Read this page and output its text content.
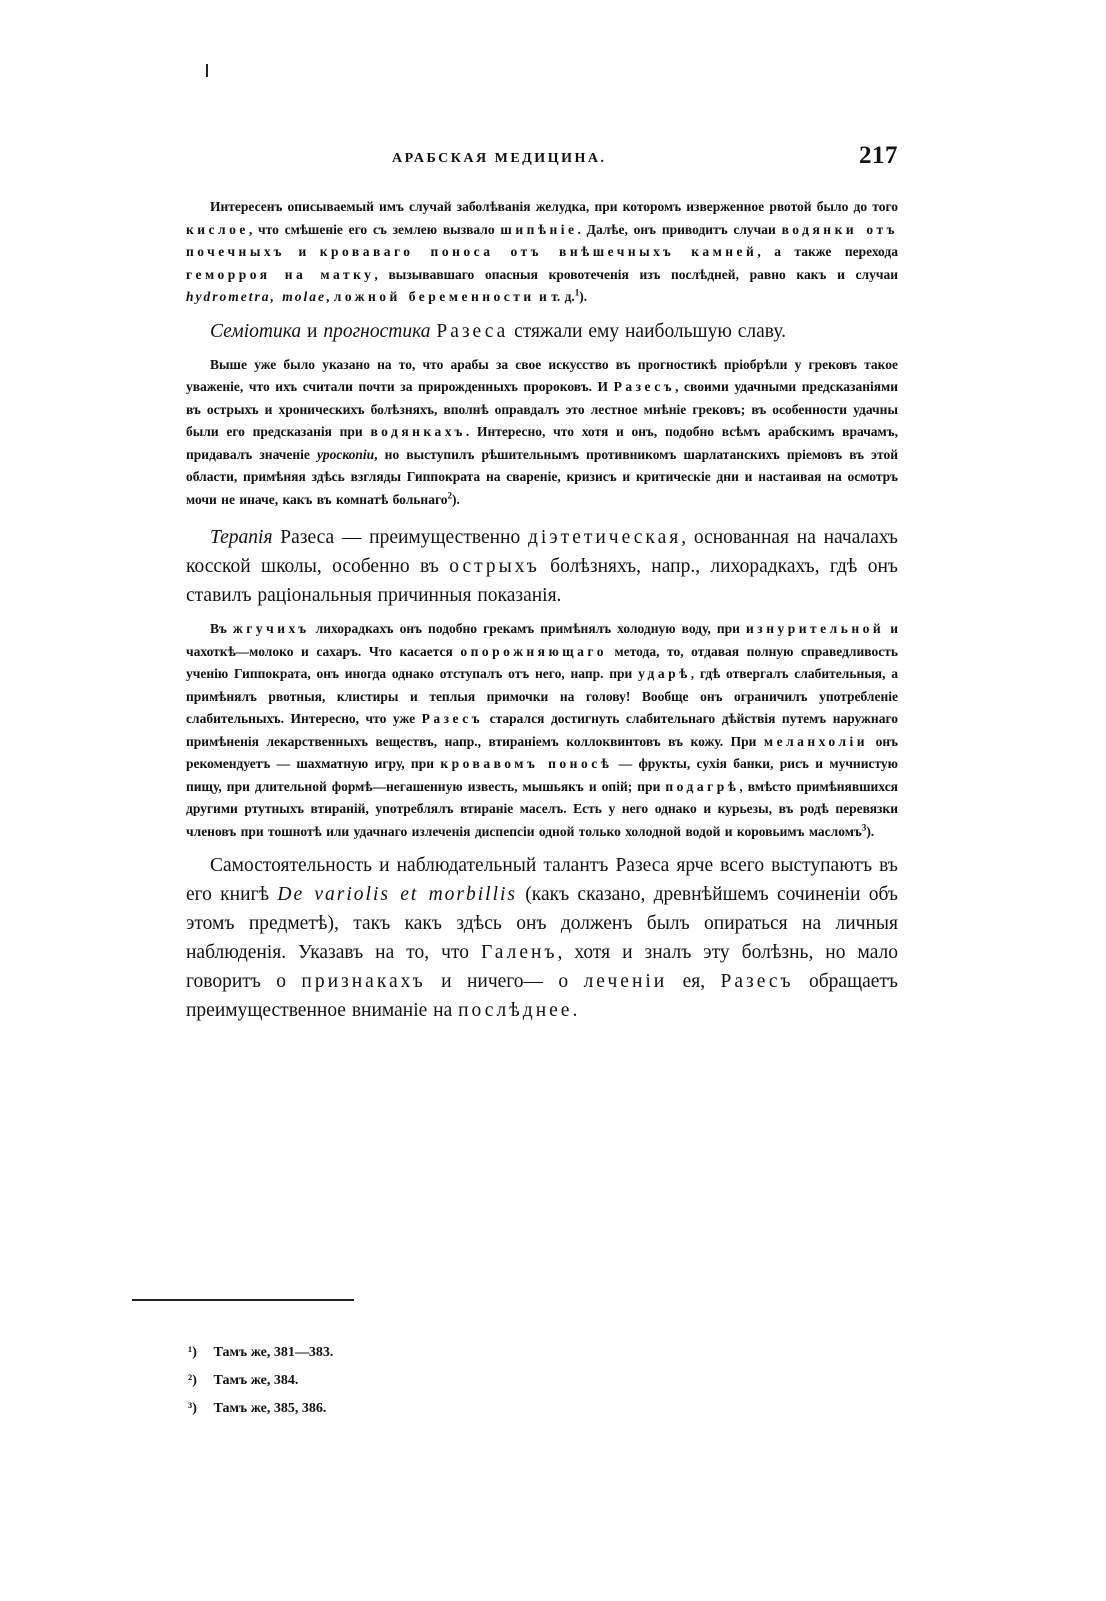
АРАБСКАЯ МЕДИЦИНА.	217

Интересенъ описываемый имъ случай заболѣванія желудка, при которомъ изверженное рвотой было до того кислое, что смѣшеніе его съ землею вызвало шипѣніе. Далѣе, онъ приводитъ случаи водянки отъ почечныхъ и кроваваго поноса отъ внѣшечныхъ камней, а также перехода геморроя на матку, вызывавшаго опасныя кровотеченія изъ послѣдней, равно какъ и случаи hydrometra, molae, ложной беременности и т. д.$^1$).

Семіотика и прогностика Разеса стяжали ему наибольшую славу.

Выше уже было указано на то, что арабы за свое искусство въ прогностикѣ пріобрѣли у грековъ такое уваженіе, что ихъ считали почти за прирожденныхъ пророковъ. И Разесъ, своими удачными предсказаніями въ острыхъ и хроническихъ болѣзняхъ, вполнѣ оправдалъ это лестное мнѣніе грековъ; въ особенности удачны были его предсказанія при водянкахъ. Интересно, что хотя и онъ, подобно всѣмъ арабскимъ врачамъ, придавалъ значеніе уроскопіи, но выступилъ рѣшительнымъ противникомъ шарлатанскихъ пріемовъ въ этой области, примѣняя здѣсь взгляды Гиппократа на свареніе, кризисъ и критическіе дни и настаивая на осмотръ мочи не иначе, какъ въ комнатѣ больнаго$^2$).

Терапія Разеса — преимущественно діэтетическая, основанная на началахъ косской школы, особенно въ острыхъ болѣзняхъ, напр., лихорадкахъ, гдѣ онъ ставилъ раціональныя причинныя показанія.

Въ жгучихъ лихорадкахъ онъ подобно грекамъ примѣнялъ холодную воду, при изнурительной и чахоткѣ—молоко и сахаръ. Что касается опорожняющаго метода, то, отдавая полную справедливость ученію Гиппократа, онъ иногда однако отступалъ отъ него, напр. при ударѣ, гдѣ отвергалъ слабительныя, а примѣнялъ рвотныя, клистиры и теплыя примочки на голову! Вообще онъ ограничилъ употребленіе слабительныхъ. Интересно, что уже Разесъ старался достигнуть слабительнаго дѣйствія путемъ наружнаго примѣненія лекарственныхъ веществъ, напр., втираніемъ коллоквинтовъ въ кожу. При меланхоліи онъ рекомендуетъ — шахматную игру, при кровавомъ поносѣ — фрукты, сухія банки, рисъ и мучнистую пищу, при длительной формѣ—негашенную известь, мышьякъ и опій; при подагрѣ, вмѣсто примѣнявшихся другими ртутныхъ втираній, употреблялъ втираніе маселъ. Есть у него однако и курьезы, въ родѣ перевязки членовъ при тошнотѣ или удачнаго излеченія диспепсіи одной только холодной водой и коровьимъ масломъ$^3$).

Самостоятельность и наблюдательный талантъ Разеса ярче всего выступаютъ въ его книгѣ De variolis et morbillis (какъ сказано, древнѣйшемъ сочиненіи объ этомъ предметѣ), такъ какъ здѣсь онъ долженъ былъ опираться на личныя наблюденія. Указавъ на то, что Галенъ, хотя и зналъ эту болѣзнь, но мало говоритъ о признакахъ и ничего— о леченіи ея, Разесъ обращаетъ преимущественное вниманіе на послѣднее.

¹) Тамъ же, 381—383.
²) Тамъ же, 384.
³) Тамъ же, 385, 386.
